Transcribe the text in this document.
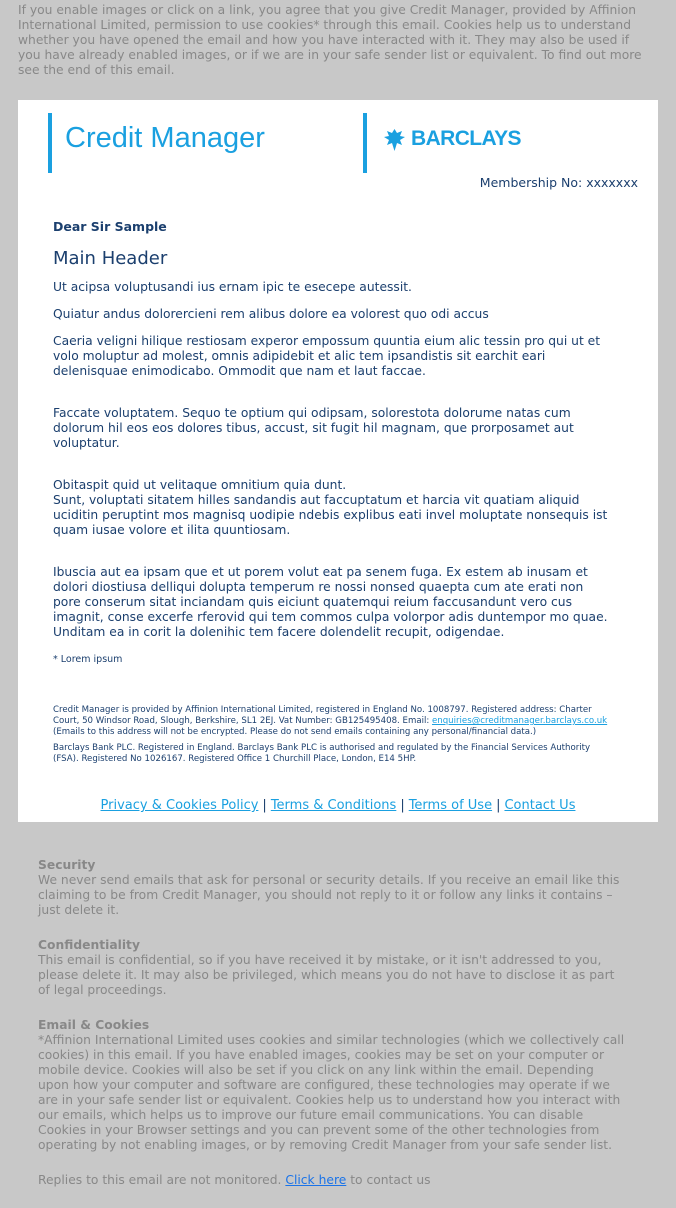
If you enable images or click on a link, you agree that you give Credit Manager, provided by Affinion International Limited, permission to use cookies* through this email. Cookies help us to understand whether you have opened the email and how you have interacted with it. They may also be used if you have already enabled images, or if we are in your safe sender list or equivalent. To find out more see the end of this email.
Credit Manager	BARCLAYS
Membership No: xxxxxxx

Dear Sir Sample

Main Header

Ut acipsa voluptusandi ius ernam ipic te esecepe autessit.

Quiatur andus dolorercieni rem alibus dolore ea volorest quo odi accus

Caeria veligni hilique restiosam experor empossum quuntia eium alic tessin pro qui ut et volo moluptur ad molest, omnis adipidebit et alic tem ipsandistis sit earchit eari delenisquae enimodicabo. Ommodit que nam et laut faccae.

Faccate voluptatem. Sequo te optium qui odipsam, solorestota dolorume natas cum dolorum hil eos eos dolores tibus, accust, sit fugit hil magnam, que prorposamet aut voluptatur.

Obitaspit quid ut velitaque omnitium quia dunt.

Sunt, voluptati sitatem hilles sandandis aut faccuptatum et harcia vit quatiam aliquid uciditin peruptint mos magnisq uodipie ndebis explibus eati invel moluptate nonsequis ist quam iusae volore et ilita quuntiosam.

Ibuscia aut ea ipsam que et ut porem volut eat pa senem fuga. Ex estem ab inusam et dolori diostiusa delliqui dolupta temperum re nossi nonsed quaepta cum ate erati non pore conserum sitat inciandam quis eiciunt quatemqui reium faccusandunt vero cus imagnit, conse excerfe rferovid qui tem commos culpa volorpor adis duntempor mo quae. Unditam ea in corit la dolenihic tem facere dolendelit recupit, odigendae.

* Lorem ipsum

Credit Manager is provided by Affinion International Limited, registered in England No. 1008797. Registered address: Charter Court, 50 Windsor Road, Slough, Berkshire, SL1 2EJ. Vat Number: GB125495408. Email: enquiries@creditmanager.barclays.co.uk (Emails to this address will not be encrypted. Please do not send emails containing any personal/financial data.)

Barclays Bank PLC. Registered in England. Barclays Bank PLC is authorised and regulated by the Financial Services Authority (FSA). Registered No 1026167. Registered Office 1 Churchill Place, London, E14 5HP.

Privacy & Cookies Policy | Terms & Conditions | Terms of Use | Contact Us
Security
We never send emails that ask for personal or security details. If you receive an email like this claiming to be from Credit Manager, you should not reply to it or follow any links it contains – just delete it.
Confidentiality
This email is confidential, so if you have received it by mistake, or it isn't addressed to you, please delete it. It may also be privileged, which means you do not have to disclose it as part of legal proceedings.
Email & Cookies
*Affinion International Limited uses cookies and similar technologies (which we collectively call cookies) in this email. If you have enabled images, cookies may be set on your computer or mobile device. Cookies will also be set if you click on any link within the email. Depending upon how your computer and software are configured, these technologies may operate if we are in your safe sender list or equivalent. Cookies help us to understand how you interact with our emails, which helps us to improve our future email communications. You can disable Cookies in your Browser settings and you can prevent some of the other technologies from operating by not enabling images, or by removing Credit Manager from your safe sender list.
Replies to this email are not monitored. Click here to contact us
